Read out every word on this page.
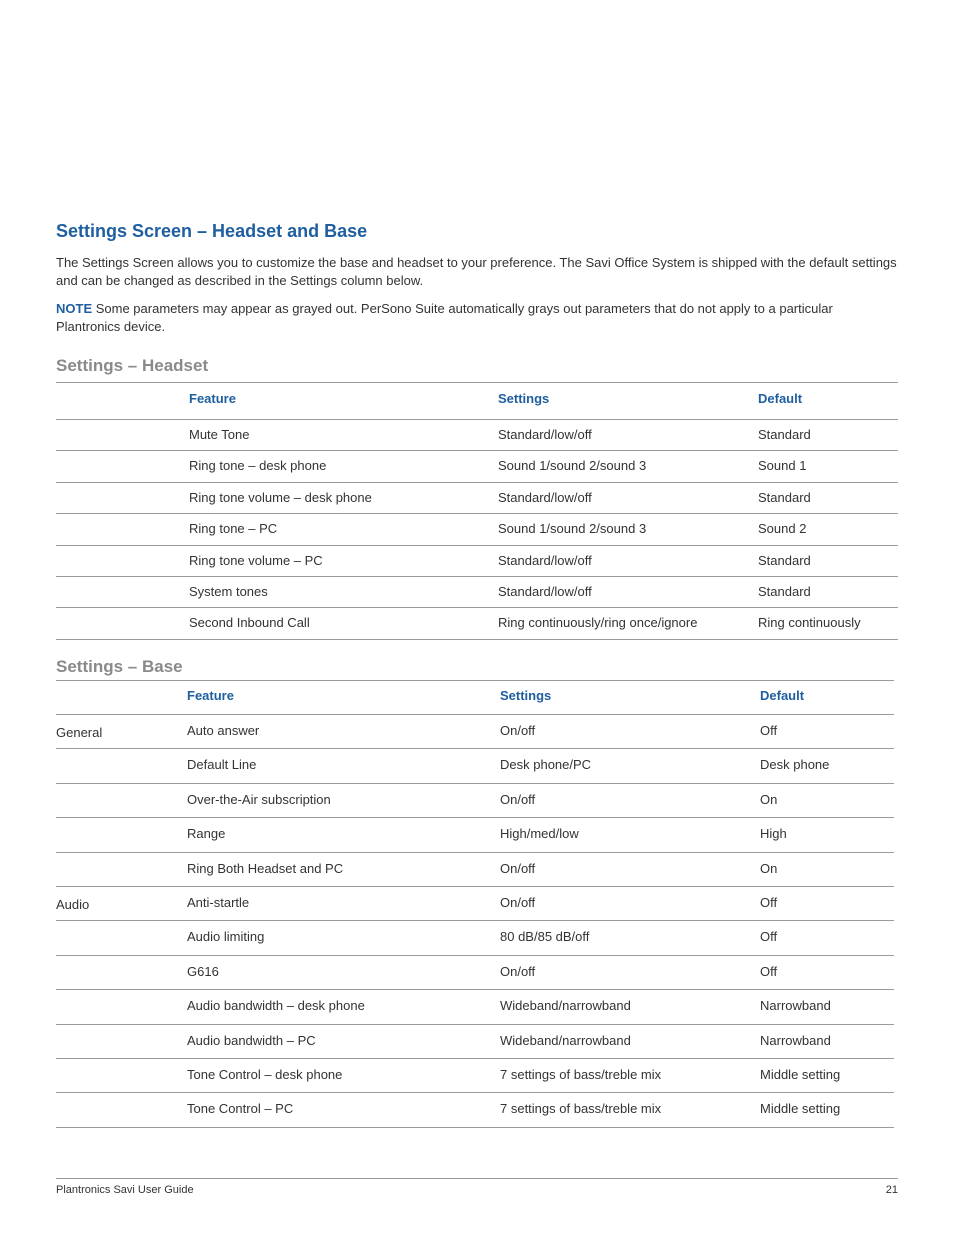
Settings Screen – Headset and Base
The Settings Screen allows you to customize the base and headset to your preference. The Savi Office System is shipped with the default settings and can be changed as described in the Settings column below.
NOTE Some parameters may appear as grayed out. PerSono Suite automatically grays out parameters that do not apply to a particular Plantronics device.
Settings – Headset
Feature	Settings	Default
Mute Tone	Standard/low/off	Standard
Ring tone – desk phone	Sound 1/sound 2/sound 3	Sound 1
Ring tone volume – desk phone	Standard/low/off	Standard
Ring tone – PC	Sound 1/sound 2/sound 3	Sound 2
Ring tone volume – PC	Standard/low/off	Standard
System tones	Standard/low/off	Standard
Second Inbound Call	Ring continuously/ring once/ignore	Ring continuously
Settings – Base
Feature	Settings	Default
General	Auto answer	On/off	Off
Default Line	Desk phone/PC	Desk phone
Over-the-Air subscription	On/off	On
Range	High/med/low	High
Ring Both Headset and PC	On/off	On
Audio	Anti-startle	On/off	Off
Audio limiting	80 dB/85 dB/off	Off
G616	On/off	Off
Audio bandwidth – desk phone	Wideband/narrowband	Narrowband
Audio bandwidth – PC	Wideband/narrowband	Narrowband
Tone Control – desk phone	7 settings of bass/treble mix	Middle setting
Tone Control – PC	7 settings of bass/treble mix	Middle setting
Plantronics Savi User Guide	21
